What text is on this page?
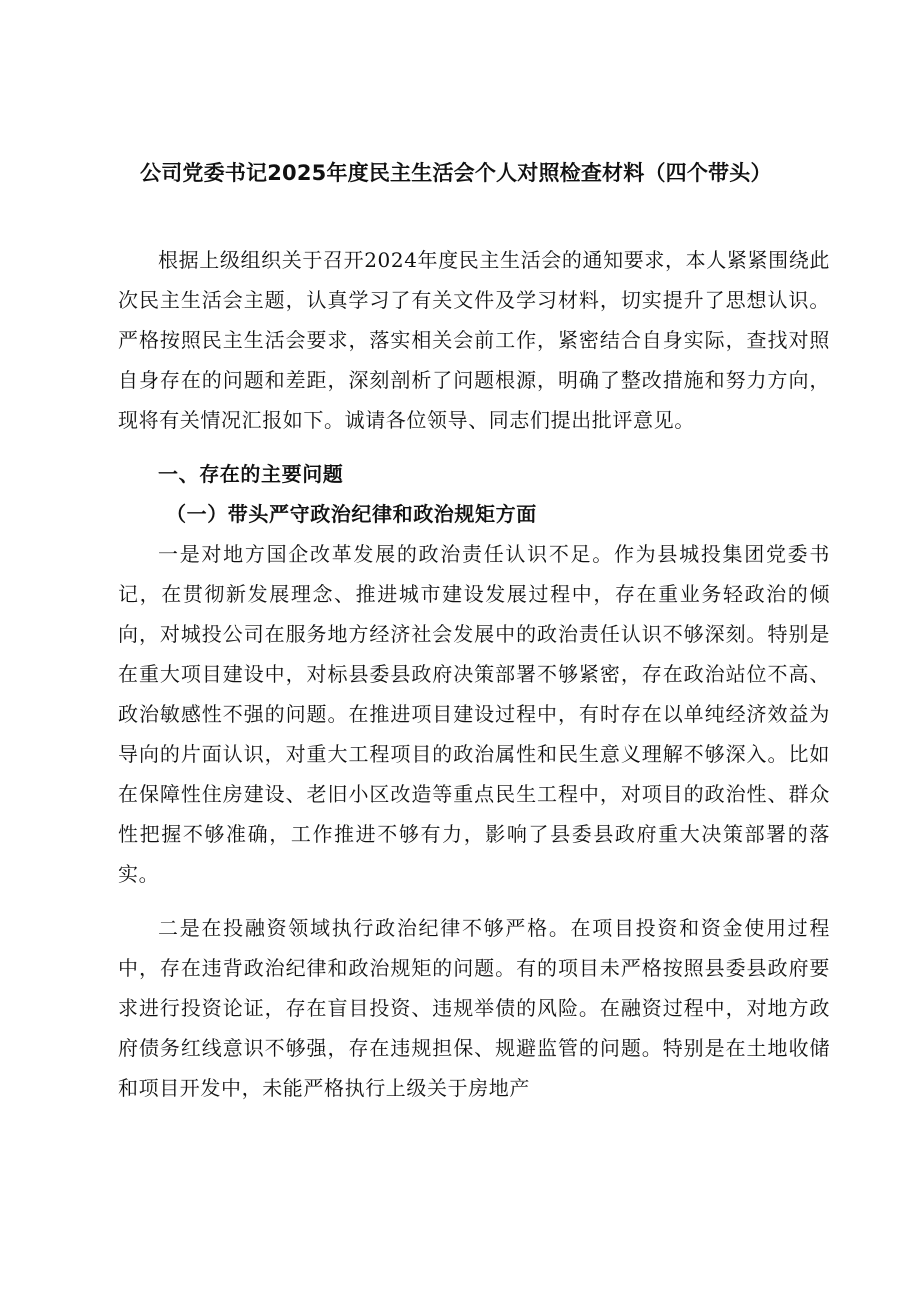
公司党委书记2025年度民主生活会个人对照检查材料（四个带头）

根据上级组织关于召开2024年度民主生活会的通知要求，本人紧紧围绕此次民主生活会主题，认真学习了有关文件及学习材料，切实提升了思想认识。严格按照民主生活会要求，落实相关会前工作，紧密结合自身实际，查找对照自身存在的问题和差距，深刻剖析了问题根源，明确了整改措施和努力方向，现将有关情况汇报如下。诚请各位领导、同志们提出批评意见。

一、存在的主要问题
（一）带头严守政治纪律和政治规矩方面

一是对地方国企改革发展的政治责任认识不足。作为县城投集团党委书记，在贯彻新发展理念、推进城市建设发展过程中，存在重业务轻政治的倾向，对城投公司在服务地方经济社会发展中的政治责任认识不够深刻。特别是在重大项目建设中，对标县委县政府决策部署不够紧密，存在政治站位不高、政治敏感性不强的问题。在推进项目建设过程中，有时存在以单纯经济效益为导向的片面认识，对重大工程项目的政治属性和民生意义理解不够深入。比如在保障性住房建设、老旧小区改造等重点民生工程中，对项目的政治性、群众性把握不够准确，工作推进不够有力，影响了县委县政府重大决策部署的落实。

二是在投融资领域执行政治纪律不够严格。在项目投资和资金使用过程中，存在违背政治纪律和政治规矩的问题。有的项目未严格按照县委县政府要求进行投资论证，存在盲目投资、违规举债的风险。在融资过程中，对地方政府债务红线意识不够强，存在违规担保、规避监管的问题。特别是在土地收储和项目开发中，未能严格执行上级关于房地产
